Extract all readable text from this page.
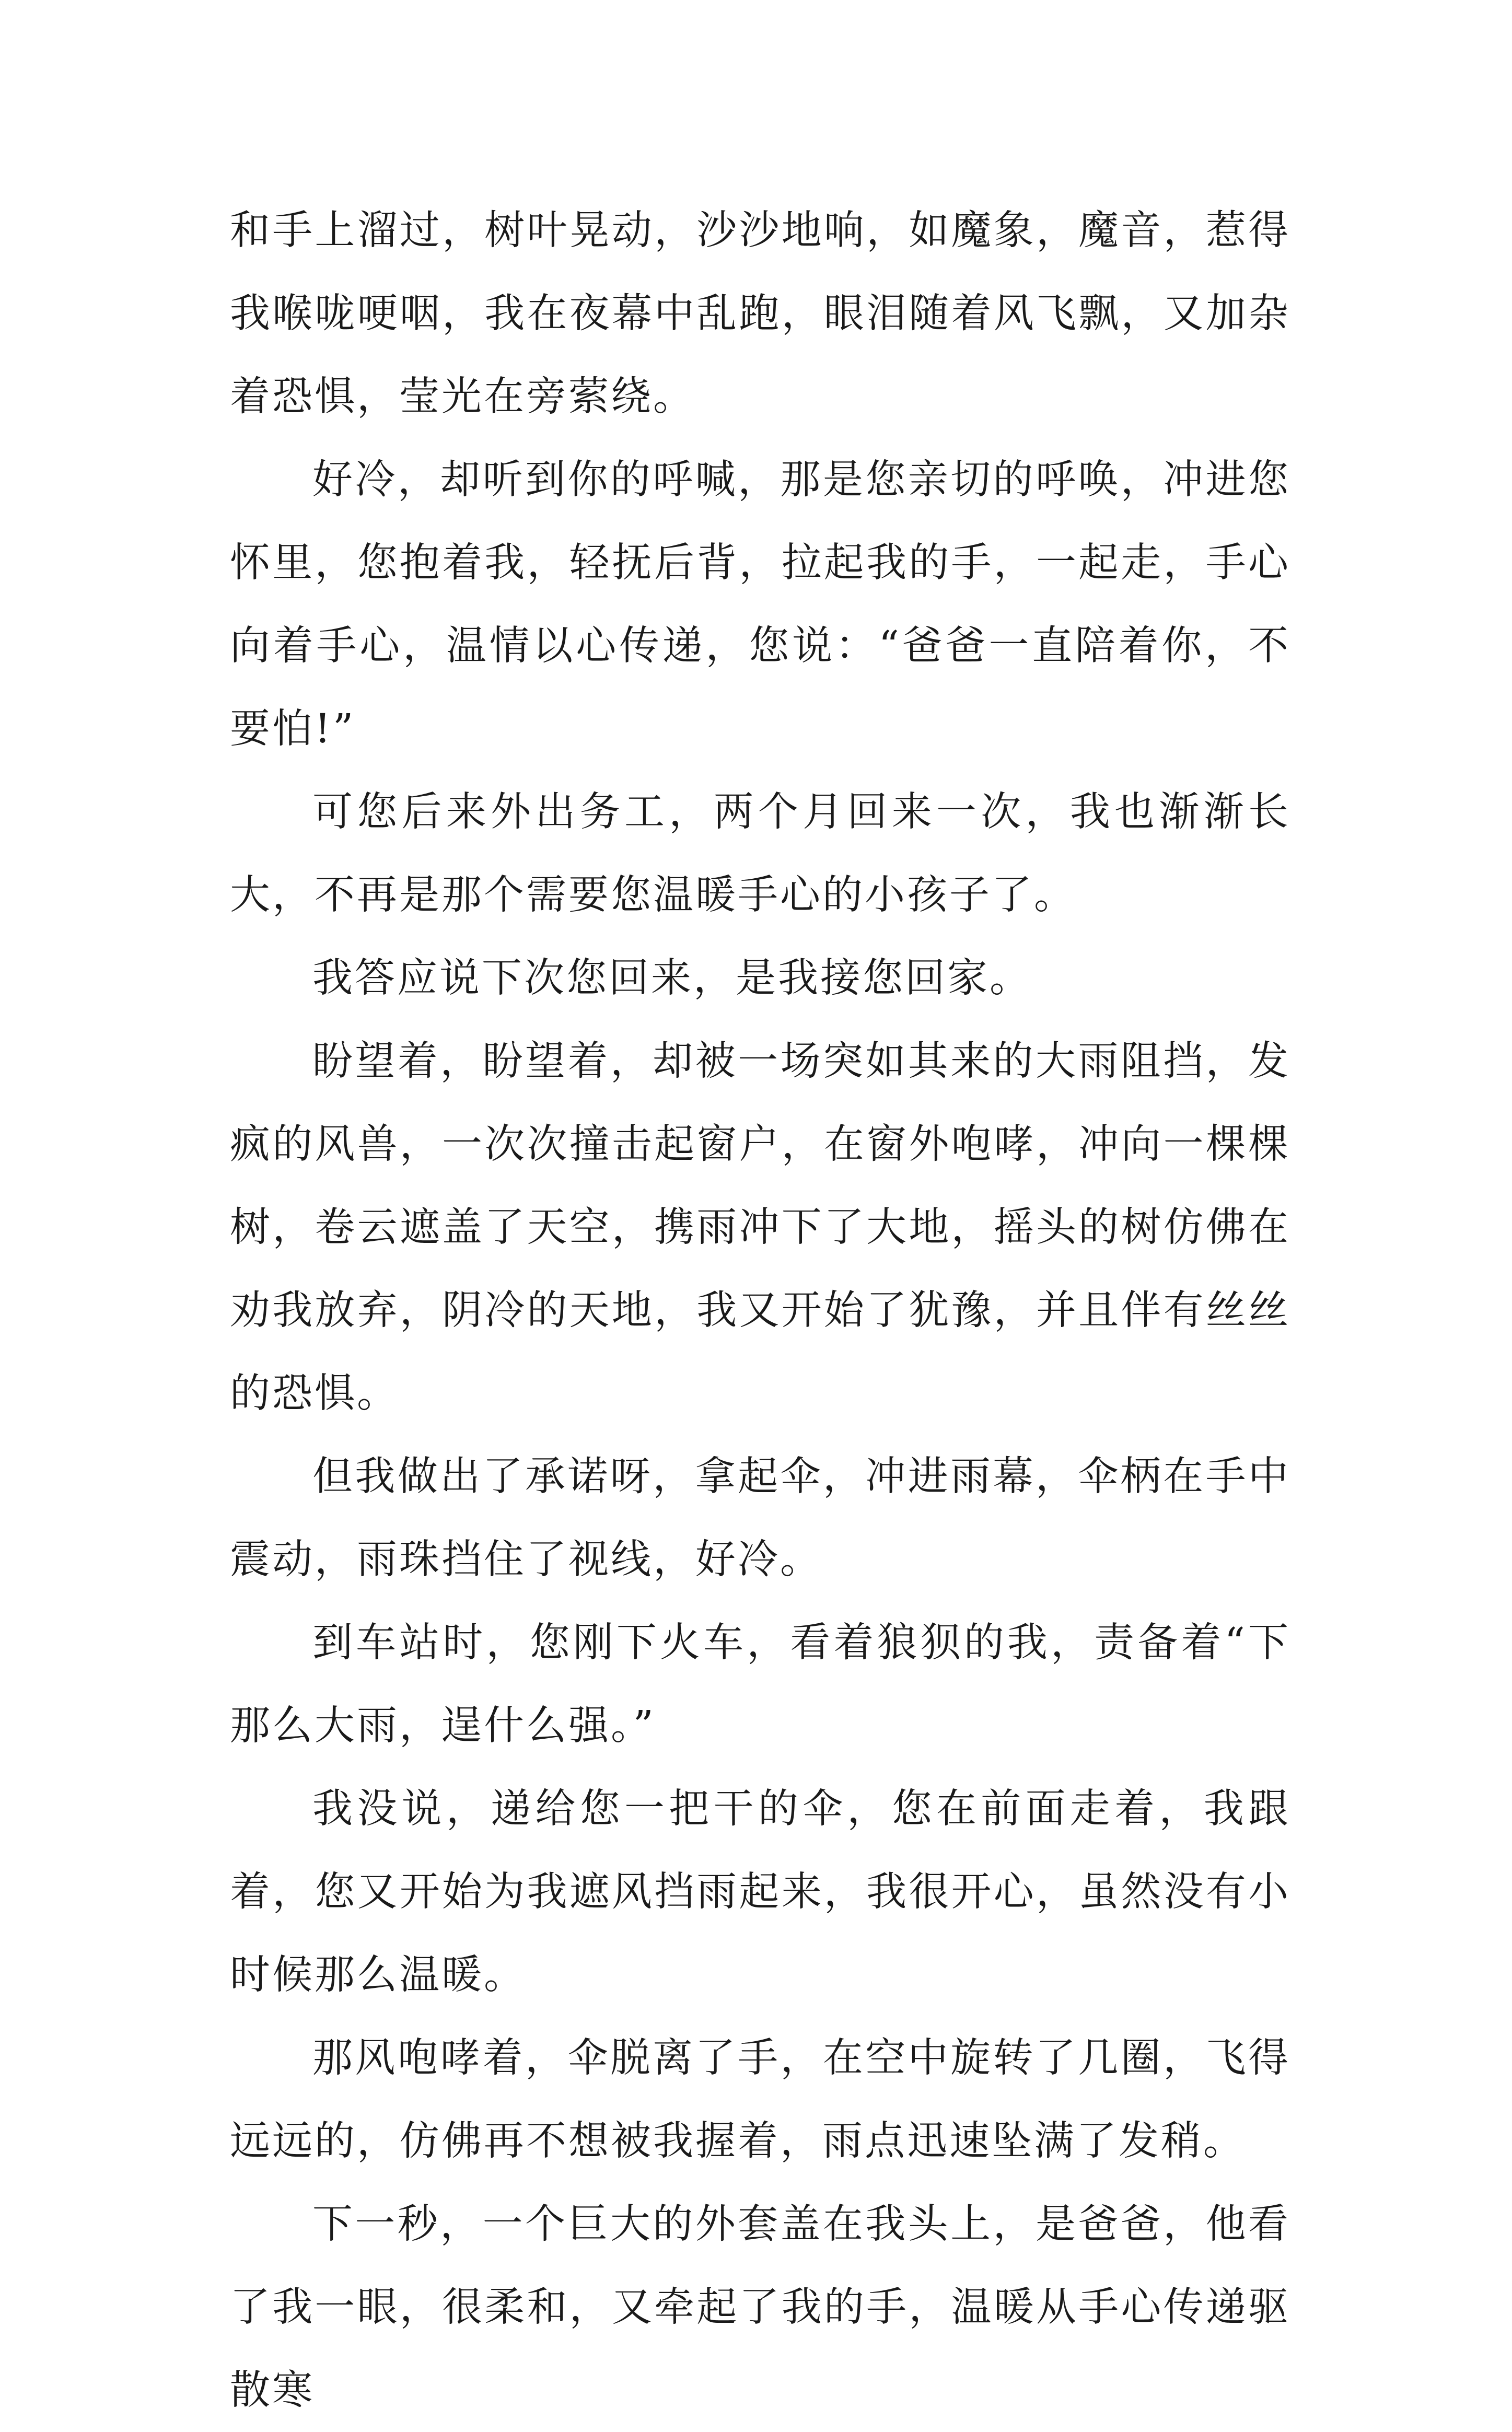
和手上溜过，树叶晃动，沙沙地响，如魔象，魔音，惹得我喉咙哽咽，我在夜幕中乱跑，眼泪随着风飞飘，又加杂着恐惧，莹光在旁萦绕。

好冷，却听到你的呼喊，那是您亲切的呼唤，冲进您怀里，您抱着我，轻抚后背，拉起我的手，一起走，手心向着手心，温情以心传递，您说：“爸爸一直陪着你，不要怕!”

可您后来外出务工，两个月回来一次，我也渐渐长大，不再是那个需要您温暖手心的小孩子了。

我答应说下次您回来，是我接您回家。

盼望着，盼望着，却被一场突如其来的大雨阻挡，发疯的风兽，一次次撞击起窗户，在窗外咆哮，冲向一棵棵树，卷云遮盖了天空，携雨冲下了大地，摇头的树仿佛在劝我放弃，阴冷的天地，我又开始了犹豫，并且伴有丝丝的恐惧。

但我做出了承诺呀，拿起伞，冲进雨幕，伞柄在手中震动，雨珠挡住了视线，好冷。

到车站时，您刚下火车，看着狼狈的我，责备着“下那么大雨，逞什么强。”

我没说，递给您一把干的伞，您在前面走着，我跟着，您又开始为我遮风挡雨起来，我很开心，虽然没有小时候那么温暖。

那风咆哮着，伞脱离了手，在空中旋转了几圈，飞得远远的，仿佛再不想被我握着，雨点迅速坠满了发稍。

下一秒，一个巨大的外套盖在我头上，是爸爸，他看了我一眼，很柔和，又牵起了我的手，温暖从手心传递驱散寒
